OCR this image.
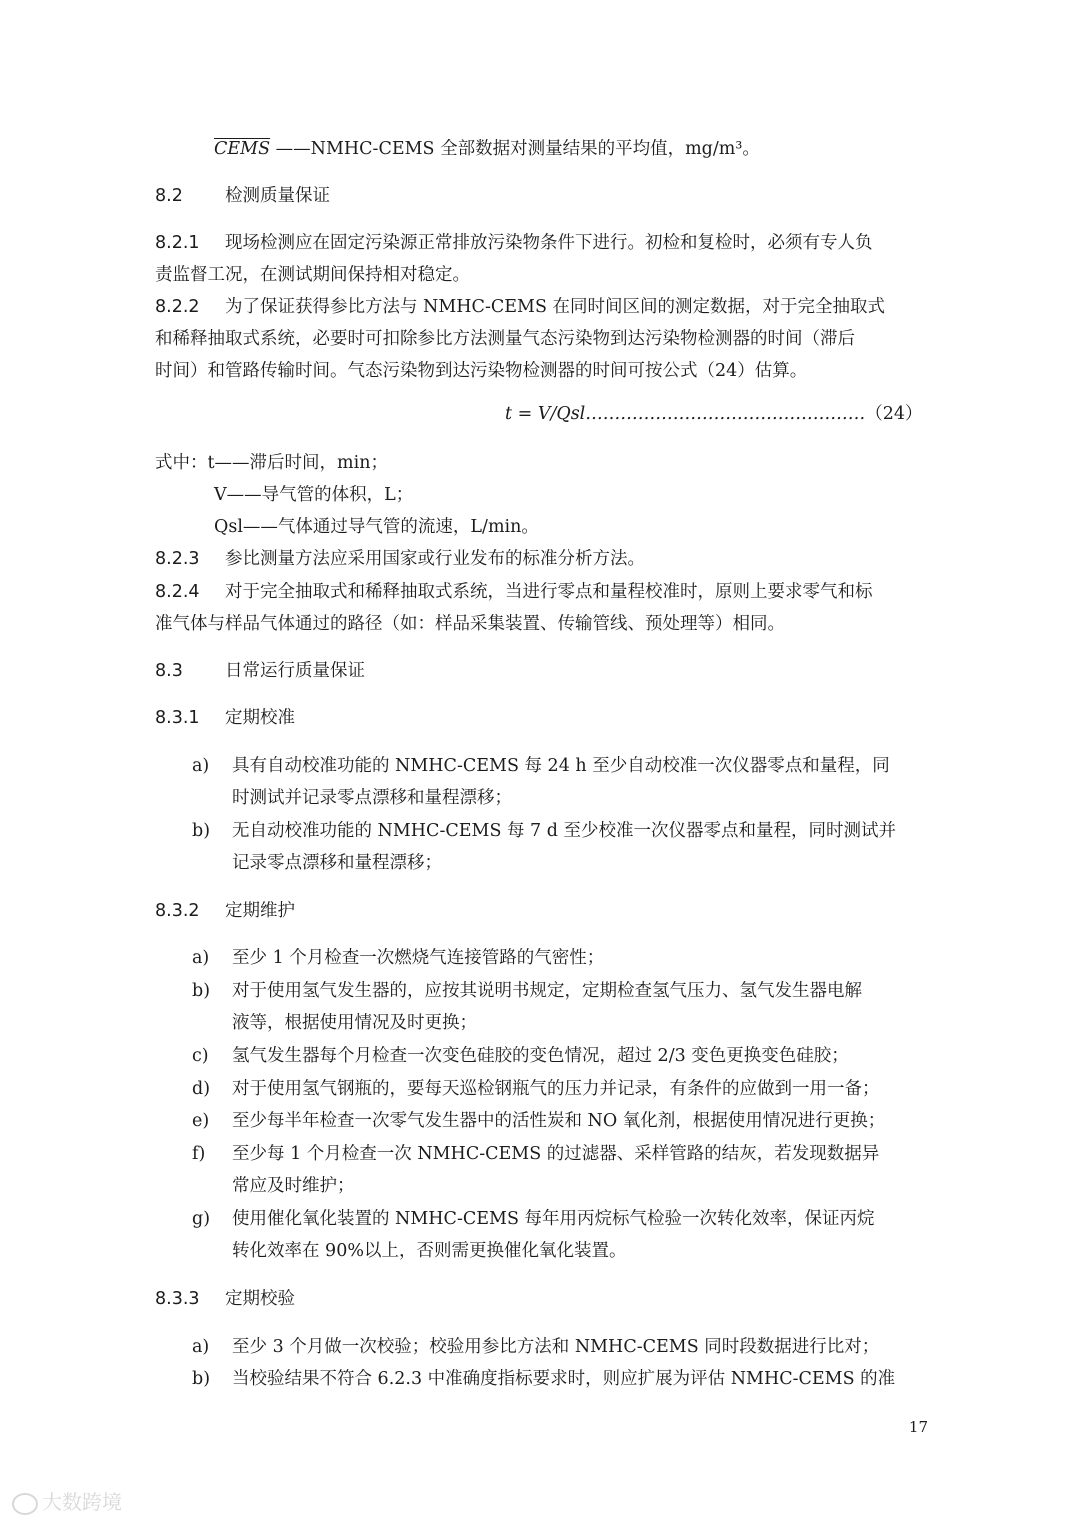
CEMS ——NMHC-CEMS 全部数据对测量结果的平均值，mg/m³。
8.2 检测质量保证
8.2.1 现场检测应在固定污染源正常排放污染物条件下进行。初检和复检时，必须有专人负
责监督工况，在测试期间保持相对稳定。
8.2.2 为了保证获得参比方法与 NMHC-CEMS 在同时间区间的测定数据，对于完全抽取式
和稀释抽取式系统，必要时可扣除参比方法测量气态污染物到达污染物检测器的时间（滞后
时间）和管路传输时间。气态污染物到达污染物检测器的时间可按公式（24）估算。
t = V/Qsl…………………………………………（24）
式中：t——滞后时间，min；
V——导气管的体积，L；
Qsl——气体通过导气管的流速，L/min。
8.2.3 参比测量方法应采用国家或行业发布的标准分析方法。
8.2.4 对于完全抽取式和稀释抽取式系统，当进行零点和量程校准时，原则上要求零气和标
准气体与样品气体通过的路径（如：样品采集装置、传输管线、预处理等）相同。
8.3 日常运行质量保证
8.3.1 定期校准
a)	具有自动校准功能的 NMHC-CEMS 每 24 h 至少自动校准一次仪器零点和量程，同
时测试并记录零点漂移和量程漂移；
b)	无自动校准功能的 NMHC-CEMS 每 7 d 至少校准一次仪器零点和量程，同时测试并
记录零点漂移和量程漂移；
8.3.2 定期维护
a)	至少 1 个月检查一次燃烧气连接管路的气密性；
b)	对于使用氢气发生器的，应按其说明书规定，定期检查氢气压力、氢气发生器电解
液等，根据使用情况及时更换；
c)	氢气发生器每个月检查一次变色硅胶的变色情况，超过 2/3 变色更换变色硅胶；
d)	对于使用氢气钢瓶的，要每天巡检钢瓶气的压力并记录，有条件的应做到一用一备；
e)	至少每半年检查一次零气发生器中的活性炭和 NO 氧化剂，根据使用情况进行更换；
f)	至少每 1 个月检查一次 NMHC-CEMS 的过滤器、采样管路的结灰，若发现数据异
常应及时维护；
g)	使用催化氧化装置的 NMHC-CEMS 每年用丙烷标气检验一次转化效率，保证丙烷
转化效率在 90%以上，否则需更换催化氧化装置。
8.3.3 定期校验
a)	至少 3 个月做一次校验；校验用参比方法和 NMHC-CEMS 同时段数据进行比对；
b)	当校验结果不符合 6.2.3 中准确度指标要求时，则应扩展为评估 NMHC-CEMS 的准
17
大数跨境
